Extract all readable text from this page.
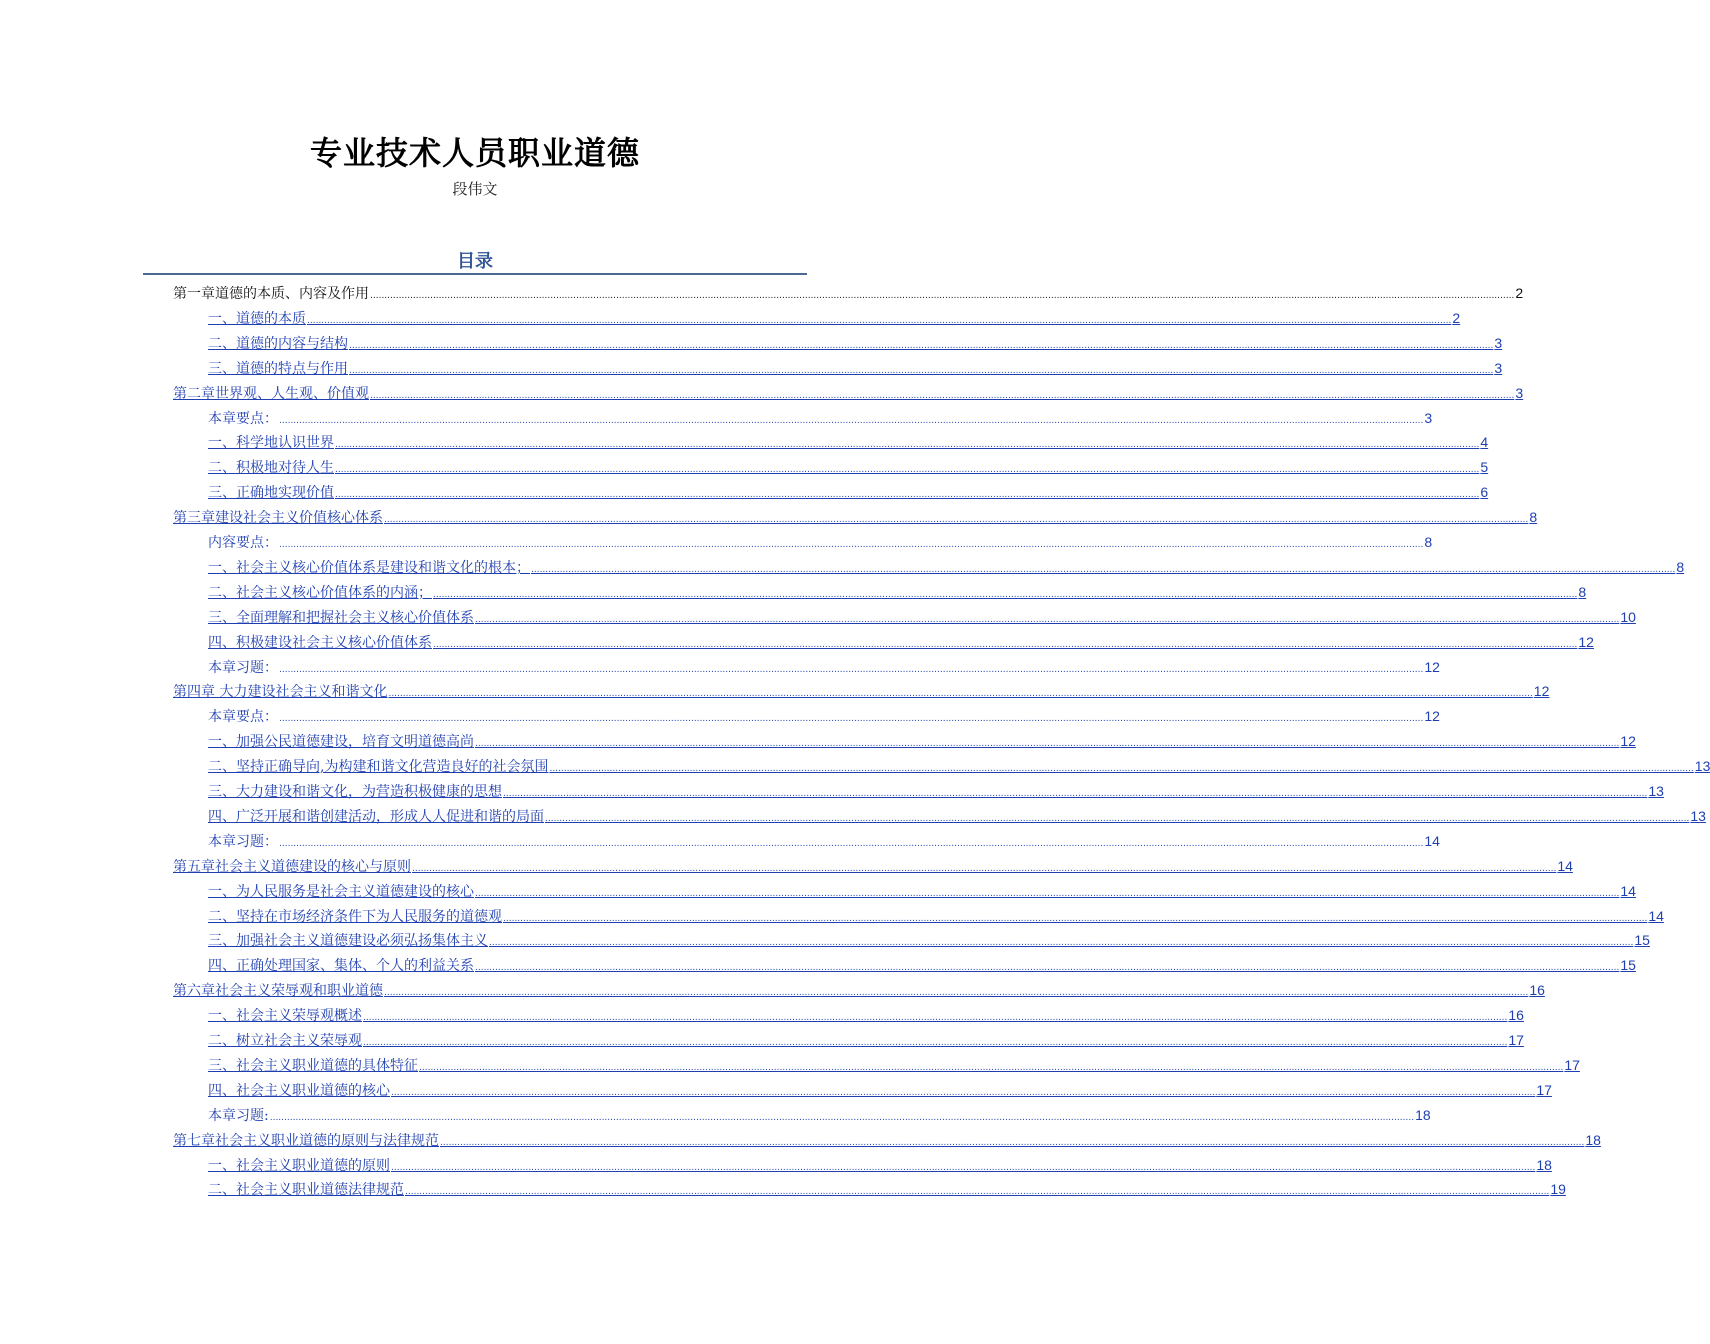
专业技术人员职业道德
段伟文
目录
第一章 道德的本质、内容及作用 ................................................................................................................................................................................................................................................................................................................................................................................................................ 2
一、 道德的本质 ................................................................................................................................................................................................................................................................................................................................................................................................................ 2
二、 道德的内容与结构 ................................................................................................................................................................................................................................................................................................................................................................................................................ 3
三、 道德的特点与作用 ................................................................................................................................................................................................................................................................................................................................................................................................................ 3
第二章 世界观、人生观、价值观 ................................................................................................................................................................................................................................................................................................................................................................................................................ 3
本章要点： ................................................................................................................................................................................................................................................................................................................................................................................................................ 3
一、 科学地认识世界 ................................................................................................................................................................................................................................................................................................................................................................................................................ 4
二、 积极地对待人生 ................................................................................................................................................................................................................................................................................................................................................................................................................ 5
三、 正确地实现价值 ................................................................................................................................................................................................................................................................................................................................................................................................................ 6
第三章建设社会主义价值核心体系 ................................................................................................................................................................................................................................................................................................................................................................................................................ 8
内容要点： ................................................................................................................................................................................................................................................................................................................................................................................................................ 8
一、 社会主义核心价值体系是建设和谐文化的根本； ................................................................................................................................................................................................................................................................................................................................................................................................................ 8
二、 社会主义核心价值体系的内涵； ................................................................................................................................................................................................................................................................................................................................................................................................................ 8
三、 全面理解和把握社会主义核心价值体系 ................................................................................................................................................................................................................................................................................................................................................................................................................ 10
四、 积极建设社会主义核心价值体系 ................................................................................................................................................................................................................................................................................................................................................................................................................ 12
本章习题： ................................................................................................................................................................................................................................................................................................................................................................................................................ 12
第四章 大力建设社会主义和谐文化 ................................................................................................................................................................................................................................................................................................................................................................................................................ 12
本章要点： ................................................................................................................................................................................................................................................................................................................................................................................................................ 12
一、 加强公民道德建设，培育文明道德高尚 ................................................................................................................................................................................................................................................................................................................................................................................................................ 12
二、 坚持正确导向,为构建和谐文化营造良好的社会氛围 ................................................................................................................................................................................................................................................................................................................................................................................................................ 13
三、 大力建设和谐文化，为营造积极健康的思想 ................................................................................................................................................................................................................................................................................................................................................................................................................ 13
四、 广泛开展和谐创建活动，形成人人促进和谐的局面 ................................................................................................................................................................................................................................................................................................................................................................................................................ 13
本章习题： ................................................................................................................................................................................................................................................................................................................................................................................................................ 14
第五章社会主义道德建设的核心与原则 ................................................................................................................................................................................................................................................................................................................................................................................................................ 14
一、为人民服务是社会主义道德建设的核心 ................................................................................................................................................................................................................................................................................................................................................................................................................ 14
二、坚持在市场经济条件下为人民服务的道德观 ................................................................................................................................................................................................................................................................................................................................................................................................................ 14
三、加强社会主义道德建设必须弘扬集体主义 ................................................................................................................................................................................................................................................................................................................................................................................................................ 15
四、正确处理国家、集体、个人的利益关系 ................................................................................................................................................................................................................................................................................................................................................................................................................ 15
第六章社会主义荣辱观和职业道德 ................................................................................................................................................................................................................................................................................................................................................................................................................ 16
一、社会主义荣辱观概述 ................................................................................................................................................................................................................................................................................................................................................................................................................ 16
二、树立社会主义荣辱观 ................................................................................................................................................................................................................................................................................................................................................................................................................ 17
三、社会主义职业道德的具体特征 ................................................................................................................................................................................................................................................................................................................................................................................................................ 17
四、社会主义职业道德的核心 ................................................................................................................................................................................................................................................................................................................................................................................................................ 17
本章习题: ................................................................................................................................................................................................................................................................................................................................................................................................................ 18
第七章社会主义职业道德的原则与法律规范 ................................................................................................................................................................................................................................................................................................................................................................................................................ 18
一、社会主义职业道德的原则 ................................................................................................................................................................................................................................................................................................................................................................................................................ 18
二、社会主义职业道德法律规范 ................................................................................................................................................................................................................................................................................................................................................................................................................ 19
